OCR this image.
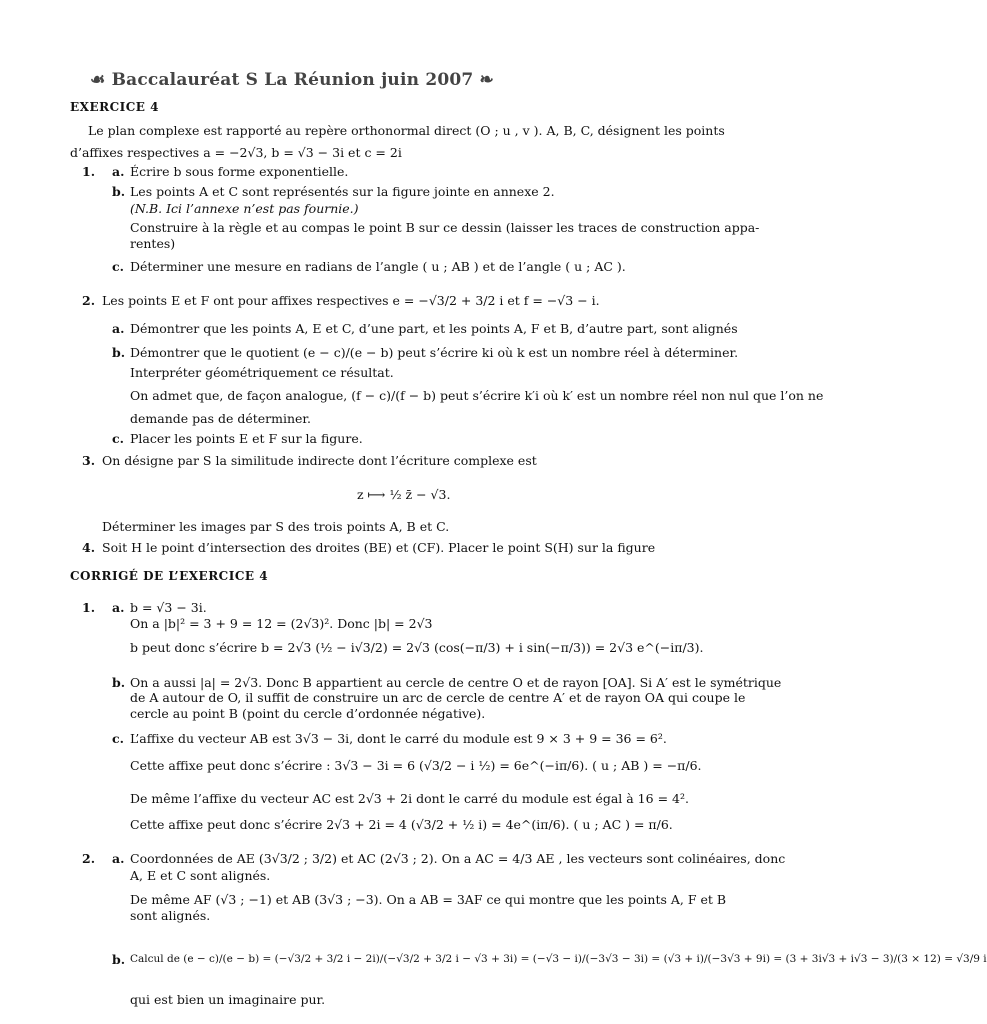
☙ Baccalauréat S La Réunion juin 2007 ❧
EXERCICE 4
Le plan complexe est rapporté au repère orthonormal direct (O ; u , v ). A, B, C, désignent les points
d’affixes respectives a = −2√3, b = √3 − 3i et c = 2i
1. a. Écrire b sous forme exponentielle.
b. Les points A et C sont représentés sur la figure jointe en annexe 2.
(N.B. Ici l’annexe n’est pas fournie.)
Construire à la règle et au compas le point B sur ce dessin (laisser les traces de construction appa-
rentes)
c. Déterminer une mesure en radians de l’angle ( u ; AB ) et de l’angle ( u ; AC ).
2. Les points E et F ont pour affixes respectives e = −√3/2 + 3/2 i et f = −√3 − i.
a. Démontrer que les points A, E et C, d’une part, et les points A, F et B, d’autre part, sont alignés
b. Démontrer que le quotient (e − c)/(e − b) peut s’écrire ki où k est un nombre réel à déterminer.
Interpréter géométriquement ce résultat.
On admet que, de façon analogue, (f − c)/(f − b) peut s’écrire k′i où k′ est un nombre réel non nul que l’on ne
demande pas de déterminer.
c. Placer les points E et F sur la figure.
3. On désigne par S la similitude indirecte dont l’écriture complexe est
z ⟼ ½ z̄ − √3.
Déterminer les images par S des trois points A, B et C.
4. Soit H le point d’intersection des droites (BE) et (CF). Placer le point S(H) sur la figure
CORRIGÉ DE L’EXERCICE 4
1. a. b = √3 − 3i.
On a |b|² = 3 + 9 = 12 = (2√3)². Donc |b| = 2√3
b peut donc s’écrire b = 2√3 (½ − i√3/2) = 2√3 (cos(−π/3) + i sin(−π/3)) = 2√3 e^(−iπ/3).
b. On a aussi |a| = 2√3. Donc B appartient au cercle de centre O et de rayon [OA]. Si A′ est le symétrique
de A autour de O, il suffit de construire un arc de cercle de centre A′ et de rayon OA qui coupe le
cercle au point B (point du cercle d’ordonnée négative).
c. L’affixe du vecteur AB est 3√3 − 3i, dont le carré du module est 9 × 3 + 9 = 36 = 6².
Cette affixe peut donc s’écrire : 3√3 − 3i = 6 (√3/2 − i ½) = 6e^(−iπ/6). ( u ; AB ) = −π/6.
De même l’affixe du vecteur AC est 2√3 + 2i dont le carré du module est égal à 16 = 4².
Cette affixe peut donc s’écrire 2√3 + 2i = 4 (√3/2 + ½ i) = 4e^(iπ/6). ( u ; AC ) = π/6.
2. a. Coordonnées de AE (3√3/2 ; 3/2) et AC (2√3 ; 2). On a AC = 4/3 AE , les vecteurs sont colinéaires, donc
A, E et C sont alignés.
De même AF (√3 ; −1) et AB (3√3 ; −3). On a AB = 3AF ce qui montre que les points A, F et B
sont alignés.
b. Calcul de (e − c)/(e − b) = (−√3/2 + 3/2 i − 2i)/(−√3/2 + 3/2 i − √3 + 3i) = (−√3 − i)/(−3√3 − 3i) = (√3 + i)/(−3√3 + 9i) = (3 + 3i√3 + i√3 − 3)/(3 × 12) = √3/9 i
qui est bien un imaginaire pur.
